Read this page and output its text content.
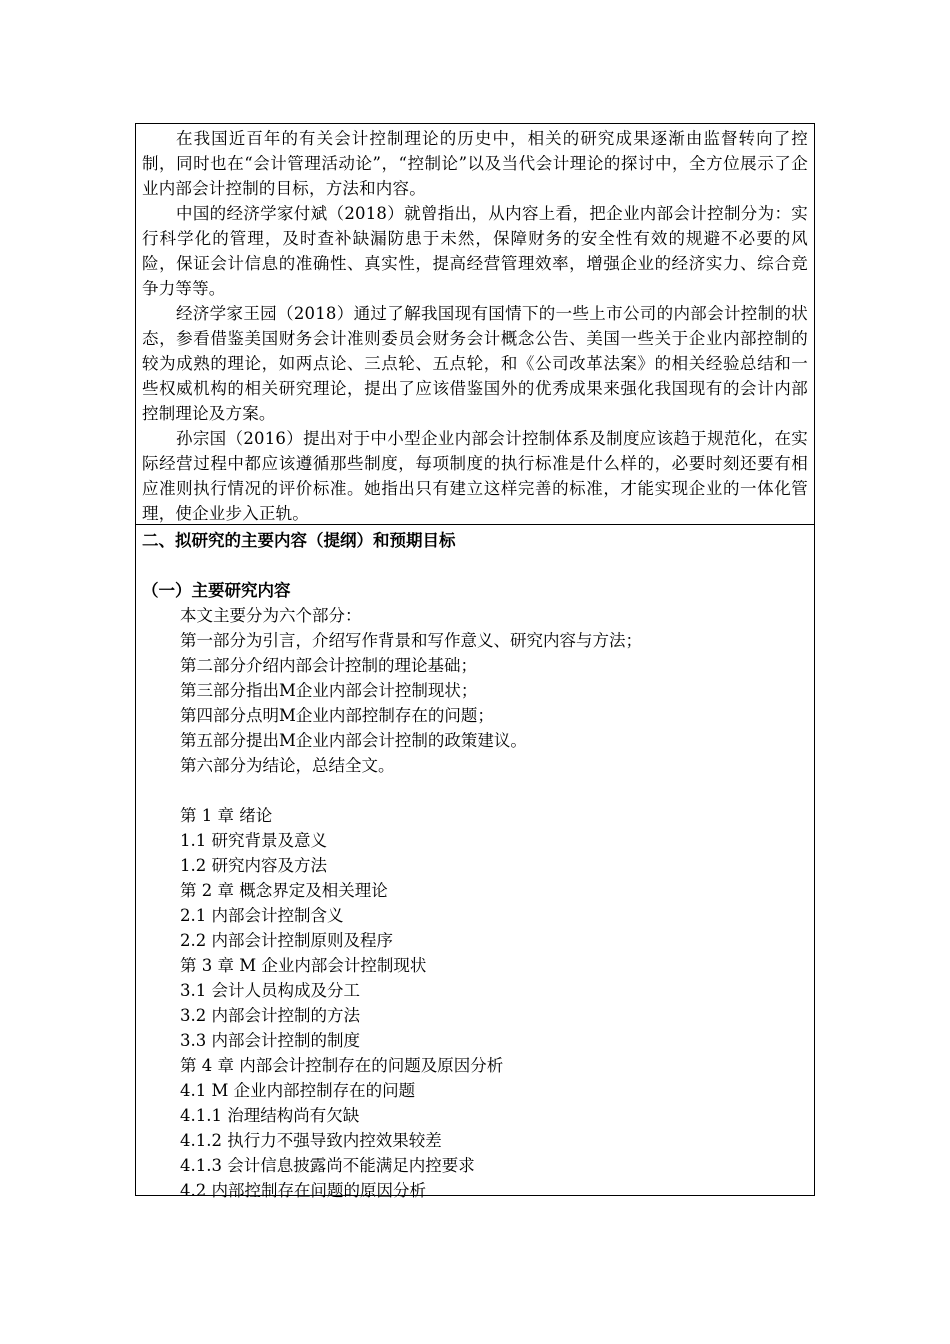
在我国近百年的有关会计控制理论的历史中，相关的研究成果逐渐由监督转向了控制，同时也在“会计管理活动论”，“控制论”以及当代会计理论的探讨中，全方位展示了企业内部会计控制的目标，方法和内容。

中国的经济学家付斌（2018）就曾指出，从内容上看，把企业内部会计控制分为：实行科学化的管理，及时查补缺漏防患于未然，保障财务的安全性有效的规避不必要的风险，保证会计信息的准确性、真实性，提高经营管理效率，增强企业的经济实力、综合竞争力等等。

经济学家王园（2018）通过了解我国现有国情下的一些上市公司的内部会计控制的状态，参看借鉴美国财务会计准则委员会财务会计概念公告、美国一些关于企业内部控制的较为成熟的理论，如两点论、三点轮、五点轮，和《公司改革法案》的相关经验总结和一些权威机构的相关研究理论，提出了应该借鉴国外的优秀成果来强化我国现有的会计内部控制理论及方案。

孙宗国（2016）提出对于中小型企业内部会计控制体系及制度应该趋于规范化，在实际经营过程中都应该遵循那些制度，每项制度的执行标准是什么样的，必要时刻还要有相应准则执行情况的评价标准。她指出只有建立这样完善的标准，才能实现企业的一体化管理，使企业步入正轨。

二、拟研究的主要内容（提纲）和预期目标

（一）主要研究内容

本文主要分为六个部分：

第一部分为引言，介绍写作背景和写作意义、研究内容与方法；

第二部分介绍内部会计控制的理论基础；

第三部分指出M企业内部会计控制现状；

第四部分点明M企业内部控制存在的问题；

第五部分提出M企业内部会计控制的政策建议。

第六部分为结论，总结全文。

第 1 章 绪论

1.1 研究背景及意义

1.2 研究内容及方法

第 2 章 概念界定及相关理论

2.1 内部会计控制含义

2.2 内部会计控制原则及程序

第 3 章 M 企业内部会计控制现状

3.1 会计人员构成及分工

3.2 内部会计控制的方法

3.3 内部会计控制的制度

第 4 章 内部会计控制存在的问题及原因分析

4.1 M 企业内部控制存在的问题

4.1.1 治理结构尚有欠缺

4.1.2 执行力不强导致内控效果较差

4.1.3 会计信息披露尚不能满足内控要求

4.2 内部控制存在问题的原因分析
